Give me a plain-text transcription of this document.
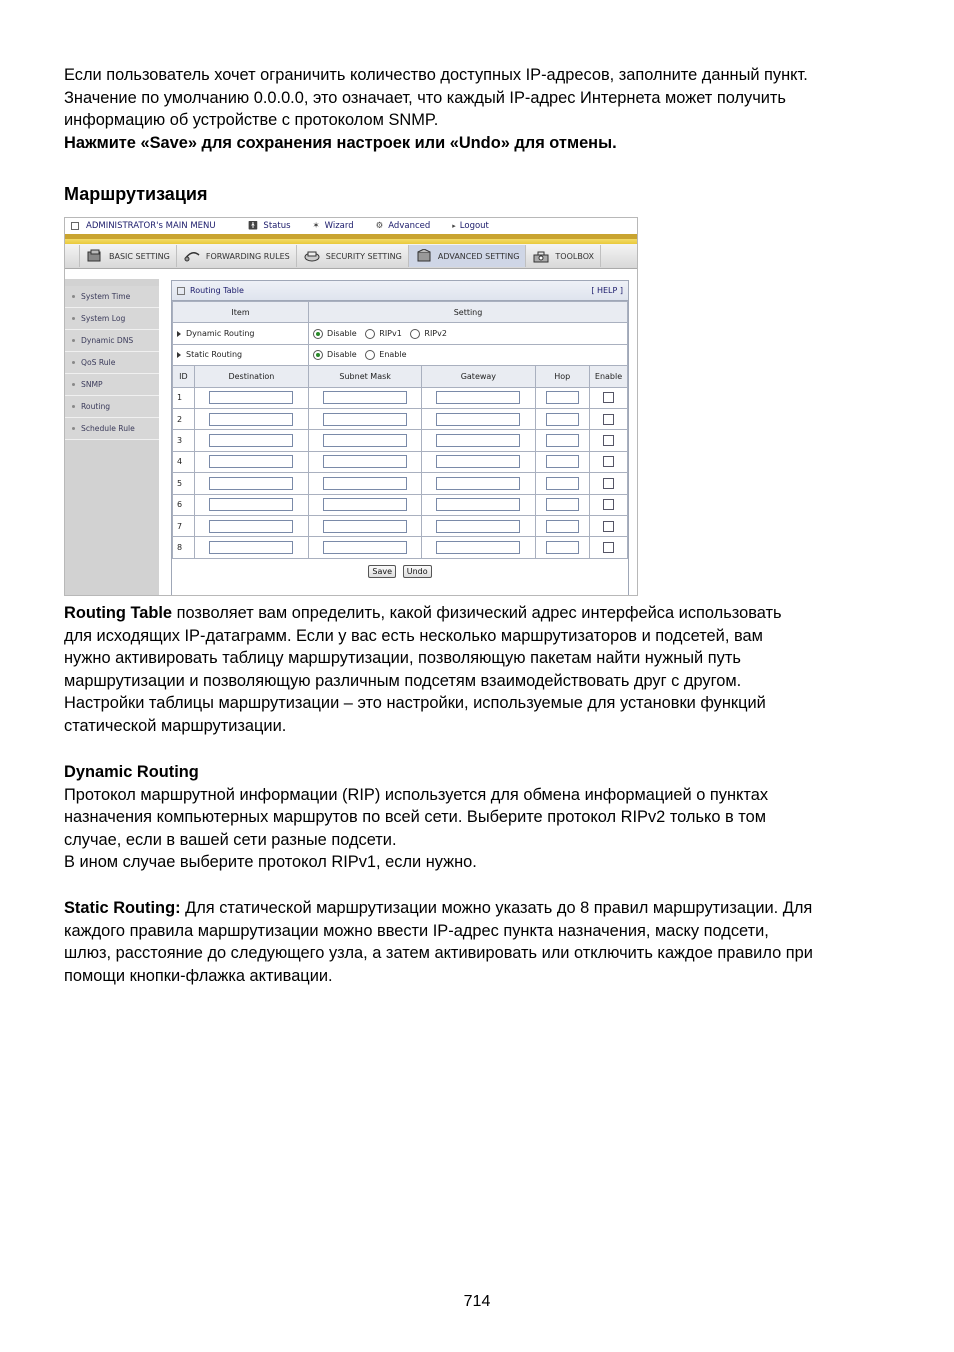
Если пользователь хочет ограничить количество доступных IP-адресов, заполните данный пункт.

Значение по умолчанию 0.0.0.0, это означает, что каждый IP-адрес Интернета может получить

информацию об устройстве с протоколом SNMP.

Нажмите «Save» для сохранения настроек или «Undo» для отмены.

Маршрутизация
ADMINISTRATOR's MAIN MENU	🚹︎ Status	✶ Wizard	⚙ Advanced	▸ Logout
BASIC SETTING	FORWARDING RULES	SECURITY SETTING	ADVANCED SETTING	TOOLBOX
System Time
System Log
Dynamic DNS
QoS Rule
SNMP
Routing
Schedule Rule
Routing Table	[ HELP ]
Item		Setting			
Dynamic Routing		Disable RIPv1 RIPv2			
Static Routing		Disable Enable			
ID	Destination	Subnet Mask	Gateway	Hop	Enable
1	

2	

3	

4	

5	

6	

7	

8	

Save Undo

Routing Table позволяет вам определить, какой физический адрес интерфейса использовать

для исходящих IP-датаграмм. Если у вас есть несколько маршрутизаторов и подсетей, вам

нужно активировать таблицу маршрутизации, позволяющую пакетам найти нужный путь

маршрутизации и позволяющую различным подсетям взаимодействовать друг с другом.

Настройки таблицы маршрутизации – это настройки, используемые для установки функций

статической маршрутизации.

Dynamic Routing

Протокол маршрутной информации (RIP) используется для обмена информацией о пунктах

назначения компьютерных маршрутов по всей сети. Выберите протокол RIPv2 только в том

случае, если в вашей сети разные подсети.

В ином случае выберите протокол RIPv1, если нужно.

Static Routing: Для статической маршрутизации можно указать до 8 правил маршрутизации. Для

каждого правила маршрутизации можно ввести IP-адрес пункта назначения, маску подсети,

шлюз, расстояние до следующего узла, а затем активировать или отключить каждое правило при

помощи кнопки-флажка активации.

714
